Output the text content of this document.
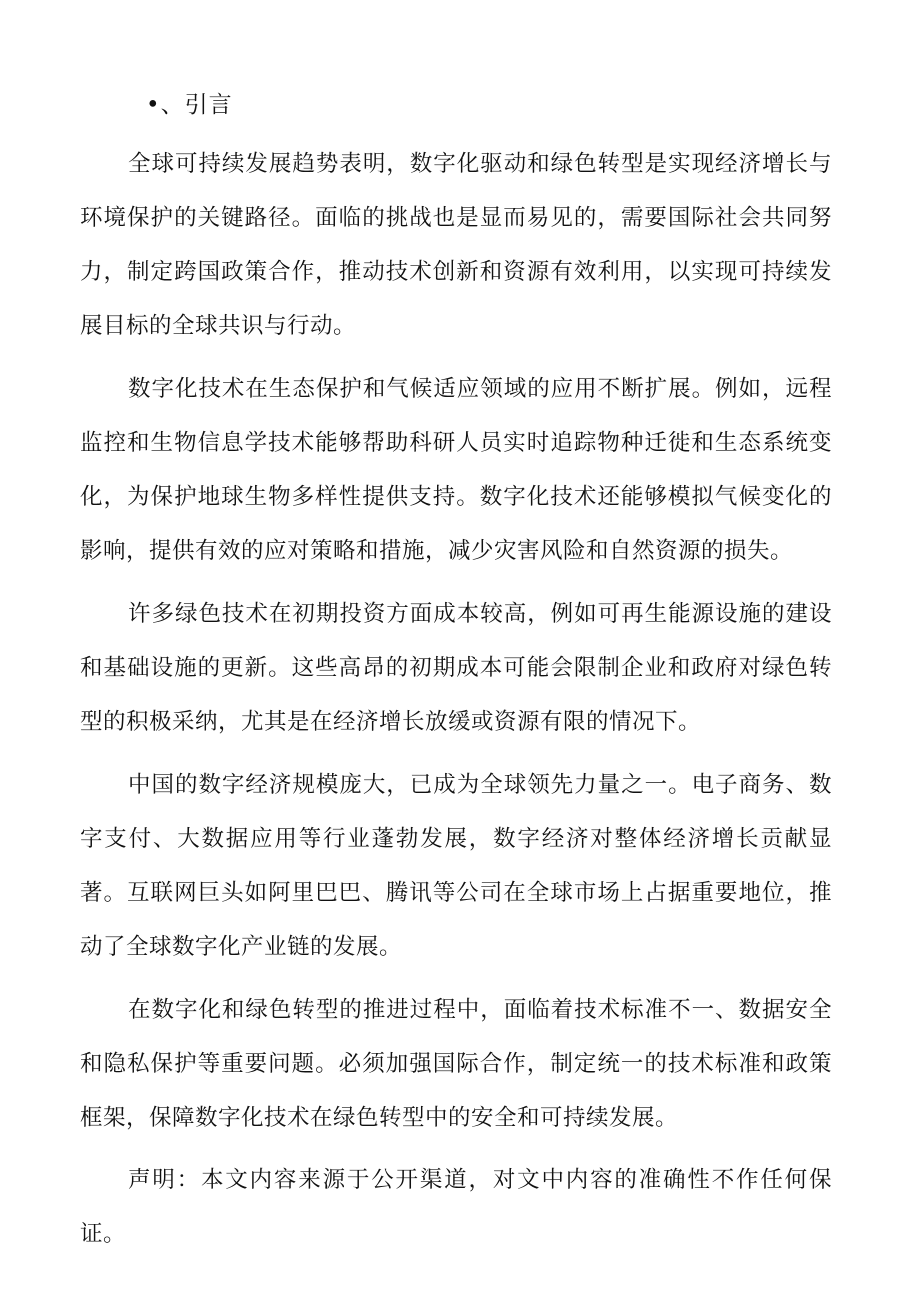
•、引言

全球可持续发展趋势表明，数字化驱动和绿色转型是实现经济增长与环境保护的关键路径。面临的挑战也是显而易见的，需要国际社会共同努力，制定跨国政策合作，推动技术创新和资源有效利用，以实现可持续发展目标的全球共识与行动。

数字化技术在生态保护和气候适应领域的应用不断扩展。例如，远程监控和生物信息学技术能够帮助科研人员实时追踪物种迁徙和生态系统变化，为保护地球生物多样性提供支持。数字化技术还能够模拟气候变化的影响，提供有效的应对策略和措施，减少灾害风险和自然资源的损失。

许多绿色技术在初期投资方面成本较高，例如可再生能源设施的建设和基础设施的更新。这些高昂的初期成本可能会限制企业和政府对绿色转型的积极采纳，尤其是在经济增长放缓或资源有限的情况下。

中国的数字经济规模庞大，已成为全球领先力量之一。电子商务、数字支付、大数据应用等行业蓬勃发展，数字经济对整体经济增长贡献显著。互联网巨头如阿里巴巴、腾讯等公司在全球市场上占据重要地位，推动了全球数字化产业链的发展。

在数字化和绿色转型的推进过程中，面临着技术标准不一、数据安全和隐私保护等重要问题。必须加强国际合作，制定统一的技术标准和政策框架，保障数字化技术在绿色转型中的安全和可持续发展。

声明：本文内容来源于公开渠道，对文中内容的准确性不作任何保证。
